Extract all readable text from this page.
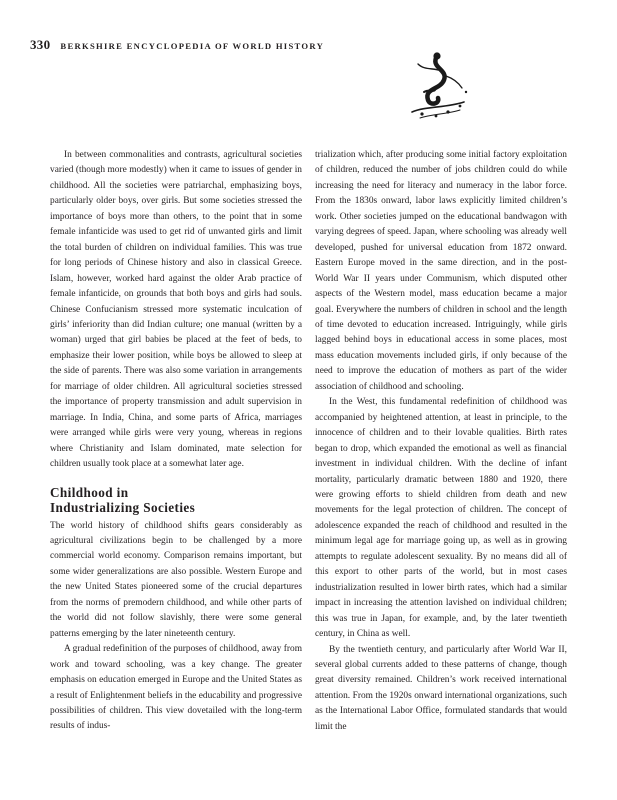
330 BERKSHIRE ENCYCLOPEDIA OF WORLD HISTORY

In between commonalities and contrasts, agricultural societies varied (though more modestly) when it came to issues of gender in childhood. All the societies were patriarchal, emphasizing boys, particularly older boys, over girls. But some societies stressed the importance of boys more than others, to the point that in some female infanticide was used to get rid of unwanted girls and limit the total burden of children on individual families. This was true for long periods of Chinese history and also in classical Greece. Islam, however, worked hard against the older Arab practice of female infanticide, on grounds that both boys and girls had souls. Chinese Confucianism stressed more systematic inculcation of girls’ inferiority than did Indian culture; one manual (written by a woman) urged that girl babies be placed at the feet of beds, to emphasize their lower position, while boys be allowed to sleep at the side of parents. There was also some variation in arrangements for marriage of older children. All agricultural societies stressed the importance of property transmission and adult supervision in marriage. In India, China, and some parts of Africa, marriages were arranged while girls were very young, whereas in regions where Christianity and Islam dominated, mate selection for children usually took place at a somewhat later age.

Childhood in
Industrializing Societies

The world history of childhood shifts gears considerably as agricultural civilizations begin to be challenged by a more commercial world economy. Comparison remains important, but some wider generalizations are also possible. Western Europe and the new United States pioneered some of the crucial departures from the norms of premodern childhood, and while other parts of the world did not follow slavishly, there were some general patterns emerging by the later nineteenth century.

A gradual redefinition of the purposes of childhood, away from work and toward schooling, was a key change. The greater emphasis on education emerged in Europe and the United States as a result of Enlightenment beliefs in the educability and progressive possibilities of children. This view dovetailed with the long-term results of indus-

trialization which, after producing some initial factory exploitation of children, reduced the number of jobs children could do while increasing the need for literacy and numeracy in the labor force. From the 1830s onward, labor laws explicitly limited children’s work. Other societies jumped on the educational bandwagon with varying degrees of speed. Japan, where schooling was already well developed, pushed for universal education from 1872 onward. Eastern Europe moved in the same direction, and in the post-World War II years under Communism, which disputed other aspects of the Western model, mass education became a major goal. Everywhere the numbers of children in school and the length of time devoted to education increased. Intriguingly, while girls lagged behind boys in educational access in some places, most mass education movements included girls, if only because of the need to improve the education of mothers as part of the wider association of childhood and schooling.

In the West, this fundamental redefinition of childhood was accompanied by heightened attention, at least in principle, to the innocence of children and to their lovable qualities. Birth rates began to drop, which expanded the emotional as well as financial investment in individual children. With the decline of infant mortality, particularly dramatic between 1880 and 1920, there were growing efforts to shield children from death and new movements for the legal protection of children. The concept of adolescence expanded the reach of childhood and resulted in the minimum legal age for marriage going up, as well as in growing attempts to regulate adolescent sexuality. By no means did all of this export to other parts of the world, but in most cases industrialization resulted in lower birth rates, which had a similar impact in increasing the attention lavished on individual children; this was true in Japan, for example, and, by the later twentieth century, in China as well.

By the twentieth century, and particularly after World War II, several global currents added to these patterns of change, though great diversity remained. Children’s work received international attention. From the 1920s onward international organizations, such as the International Labor Office, formulated standards that would limit the
